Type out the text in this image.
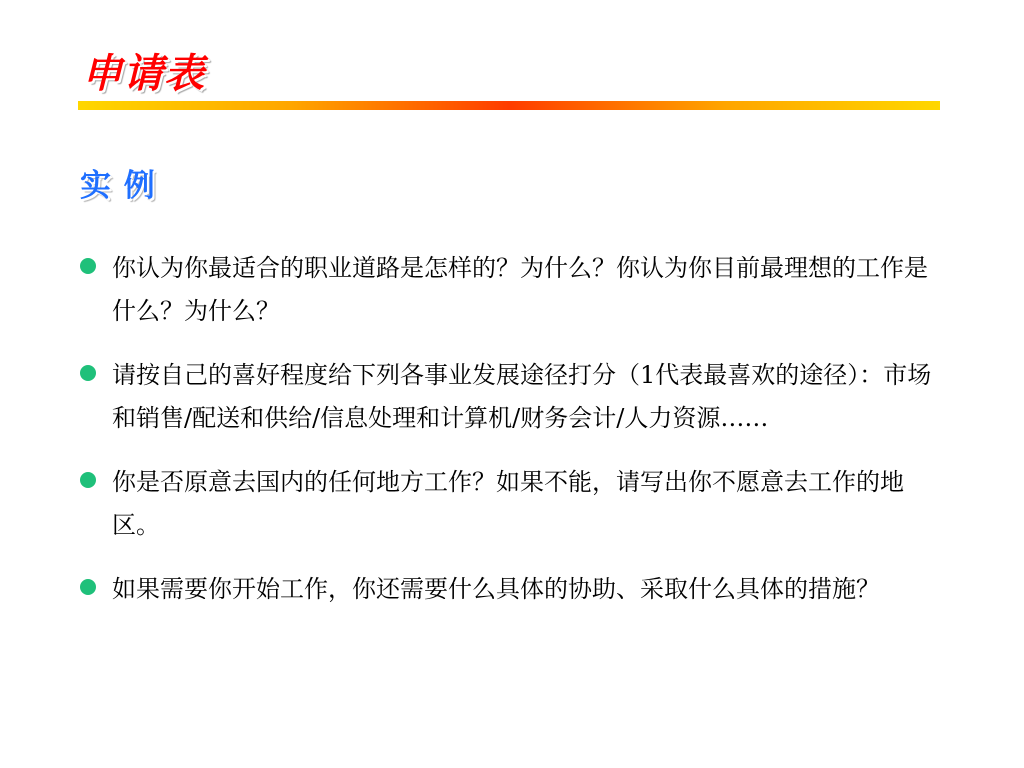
申请表
实 例
你认为你最适合的职业道路是怎样的？为什么？你认为你目前最理想的工作是什么？为什么？
请按自己的喜好程度给下列各事业发展途径打分（1代表最喜欢的途径）：市场和销售/配送和供给/信息处理和计算机/财务会计/人力资源……
你是否原意去国内的任何地方工作？如果不能，请写出你不愿意去工作的地区。
如果需要你开始工作，你还需要什么具体的协助、采取什么具体的措施？
